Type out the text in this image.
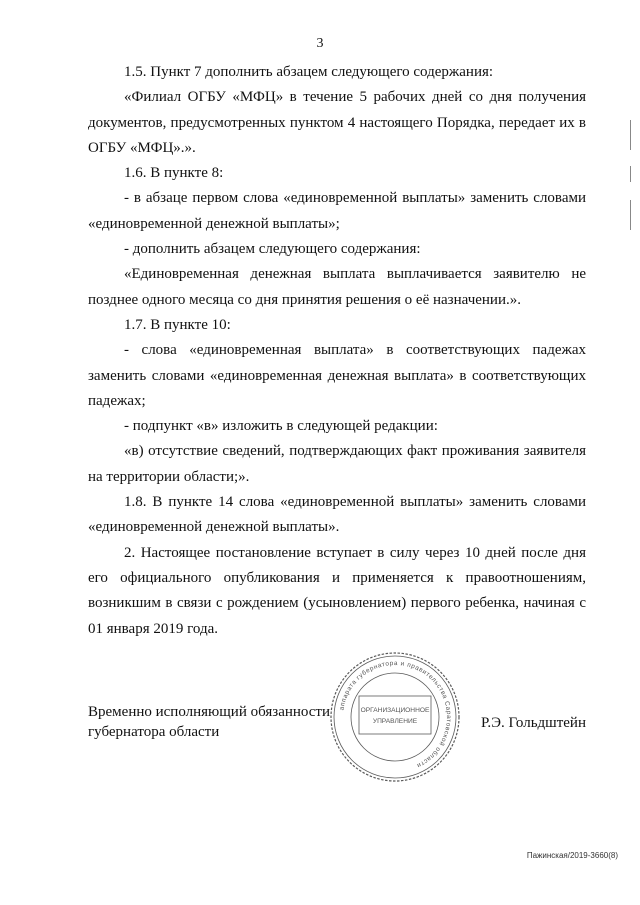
3

1.5. Пункт 7 дополнить абзацем следующего содержания:

«Филиал ОГБУ «МФЦ» в течение 5 рабочих дней со дня получения документов, предусмотренных пунктом 4 настоящего Порядка, передает их в ОГБУ «МФЦ».».

1.6. В пункте 8:

- в абзаце первом слова «единовременной выплаты» заменить словами «единовременной денежной выплаты»;

- дополнить абзацем следующего содержания:

«Единовременная денежная выплата выплачивается заявителю не позднее одного месяца со дня принятия решения о её назначении.».

1.7. В пункте 10:

- слова «единовременная выплата» в соответствующих падежах заменить словами «единовременная денежная выплата» в соответствующих падежах;

- подпункт «в» изложить в следующей редакции:

«в) отсутствие сведений, подтверждающих факт проживания заявителя на территории области;».

1.8. В пункте 14 слова «единовременной выплаты» заменить словами «единовременной денежной выплаты».

2. Настоящее постановление вступает в силу через 10 дней после дня его официального опубликования и применяется к правоотношениям, возникшим в связи с рождением (усыновлением) первого ребенка, начиная с 01 января 2019 года.

Временно исполняющий обязанности
губернатора области
Р.Э. Гольдштейн
аппарата губернатора и правительства Саратовской области
ОРГАНИЗАЦИОННОЕ
УПРАВЛЕНИЕ
Пажинская/2019-3660(8)
